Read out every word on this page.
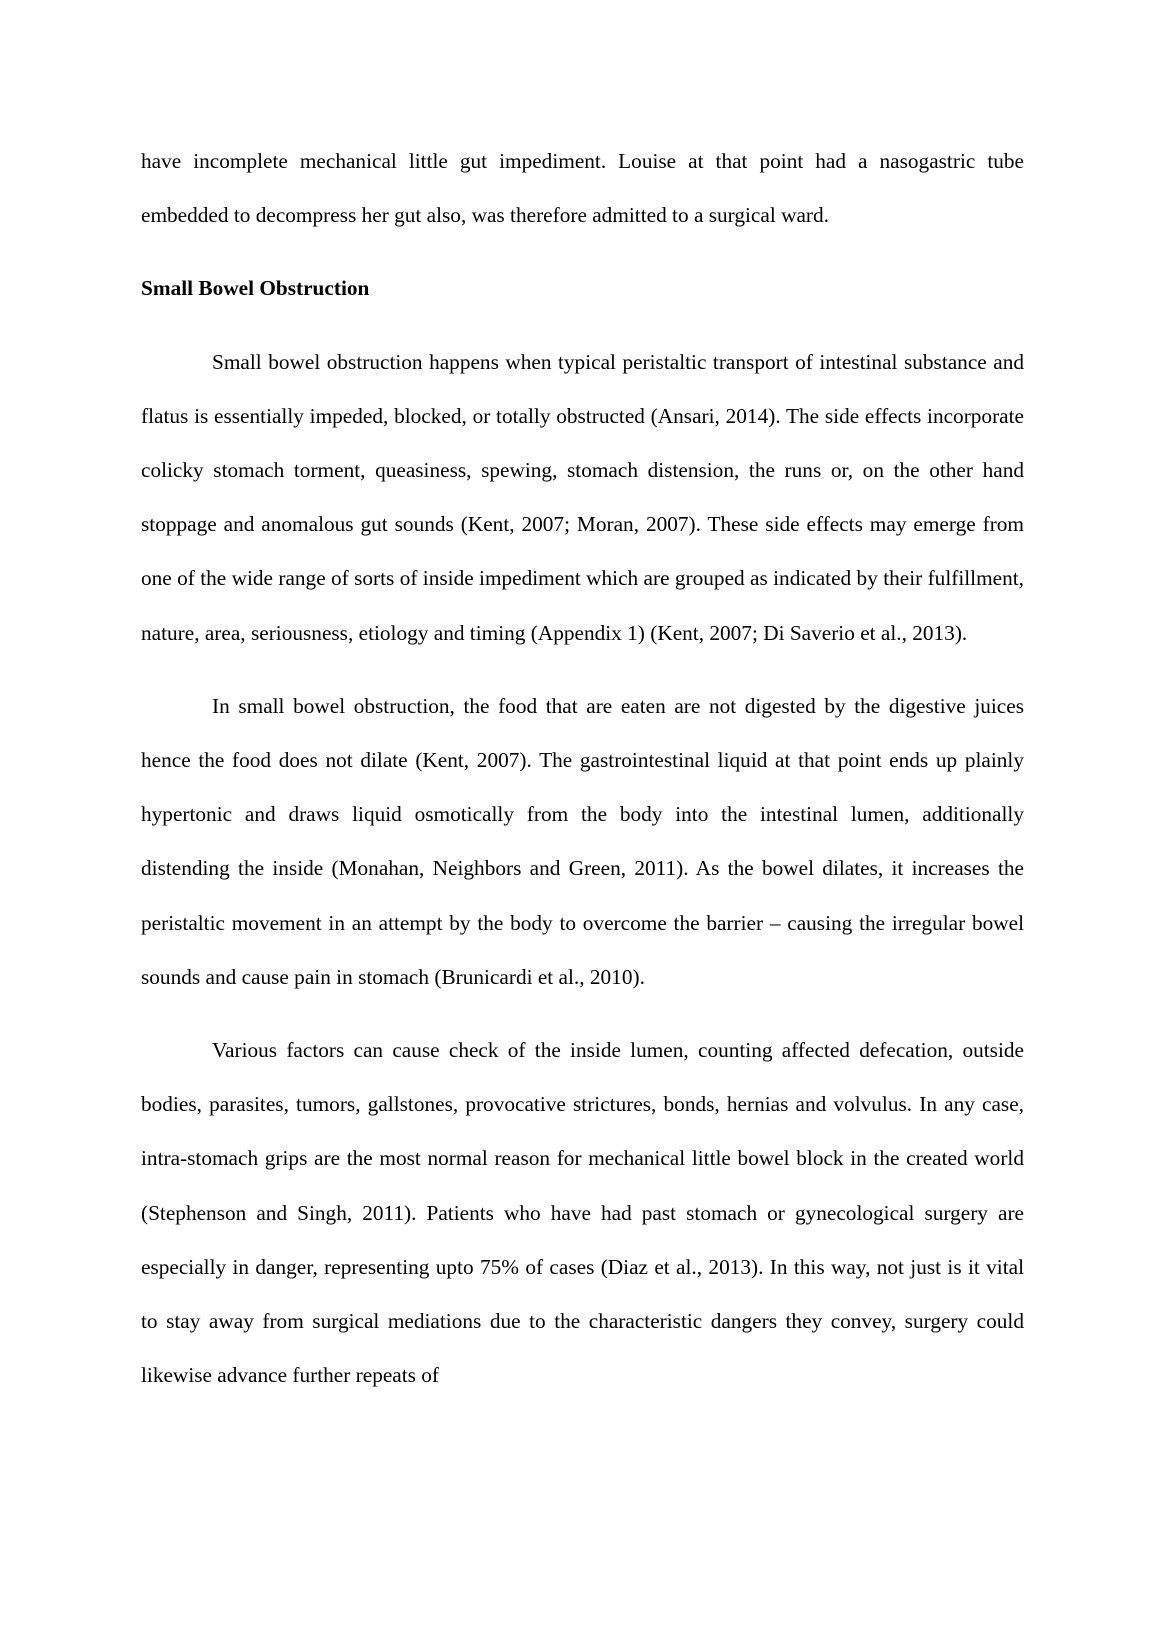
have incomplete mechanical little gut impediment. Louise at that point had a nasogastric tube embedded to decompress her gut also, was therefore admitted to a surgical ward.

Small Bowel Obstruction

Small bowel obstruction happens when typical peristaltic transport of intestinal substance and flatus is essentially impeded, blocked, or totally obstructed (Ansari, 2014). The side effects incorporate colicky stomach torment, queasiness, spewing, stomach distension, the runs or, on the other hand stoppage and anomalous gut sounds (Kent, 2007; Moran, 2007). These side effects may emerge from one of the wide range of sorts of inside impediment which are grouped as indicated by their fulfillment, nature, area, seriousness, etiology and timing (Appendix 1) (Kent, 2007; Di Saverio et al., 2013).

In small bowel obstruction, the food that are eaten are not digested by the digestive juices hence the food does not dilate (Kent, 2007). The gastrointestinal liquid at that point ends up plainly hypertonic and draws liquid osmotically from the body into the intestinal lumen, additionally distending the inside (Monahan, Neighbors and Green, 2011). As the bowel dilates, it increases the peristaltic movement in an attempt by the body to overcome the barrier – causing the irregular bowel sounds and cause pain in stomach (Brunicardi et al., 2010).

Various factors can cause check of the inside lumen, counting affected defecation, outside bodies, parasites, tumors, gallstones, provocative strictures, bonds, hernias and volvulus. In any case, intra-stomach grips are the most normal reason for mechanical little bowel block in the created world (Stephenson and Singh, 2011). Patients who have had past stomach or gynecological surgery are especially in danger, representing upto 75% of cases (Diaz et al., 2013). In this way, not just is it vital to stay away from surgical mediations due to the characteristic dangers they convey, surgery could likewise advance further repeats of
